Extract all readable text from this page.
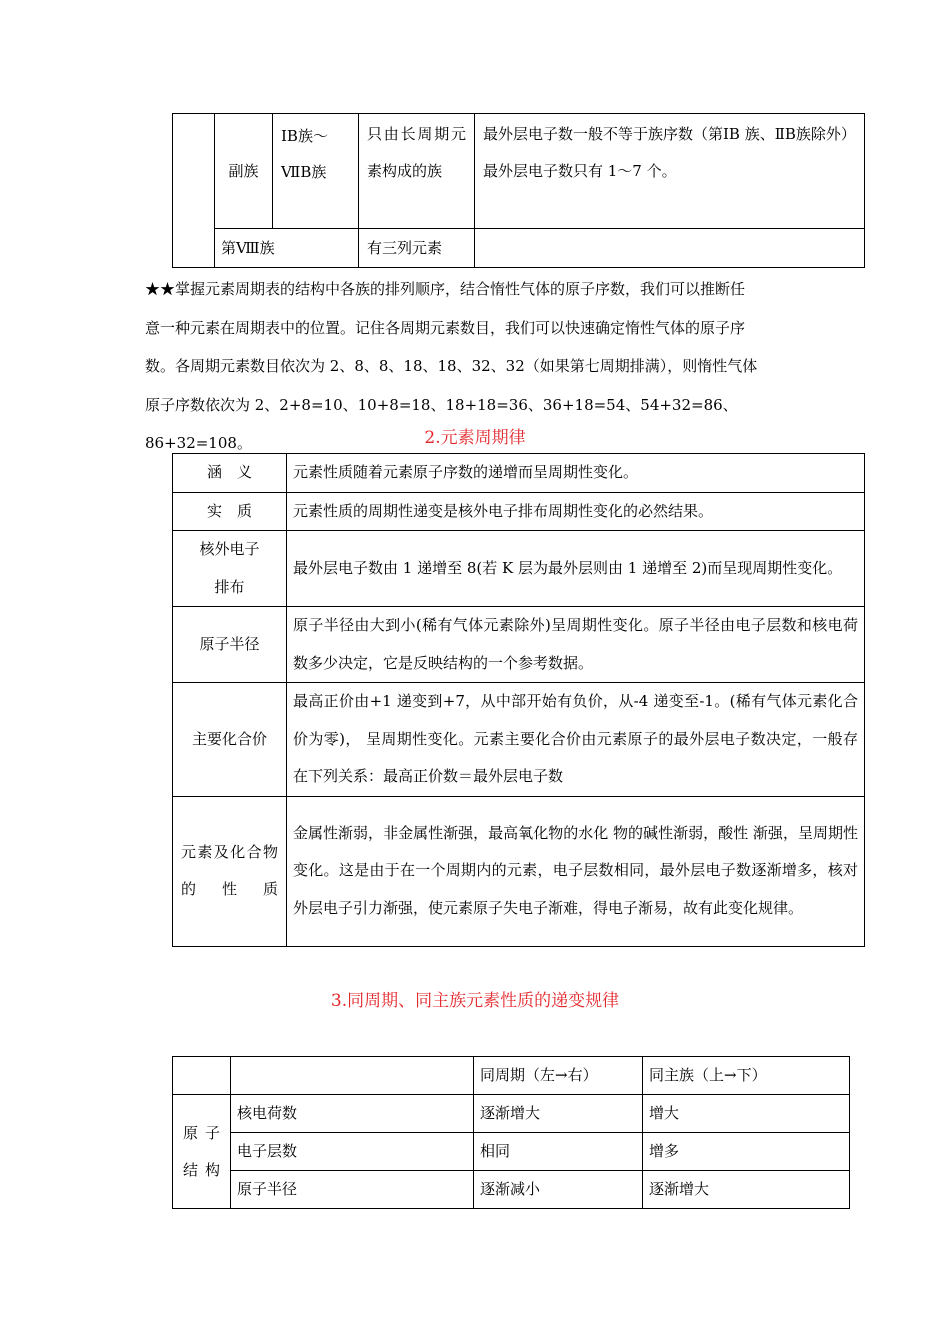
	副族	ⅠB族～ⅦB族	只由长周期元素构成的族	最外层电子数一般不等于族序数（第ⅠB 族、ⅡB族除外）
最外层电子数只有 1～7 个。

	第Ⅷ族		有三列元素	
★★掌握元素周期表的结构中各族的排列顺序，结合惰性气体的原子序数，我们可以推断任
意一种元素在周期表中的位置。记住各周期元素数目，我们可以快速确定惰性气体的原子序
数。各周期元素数目依次为 2、8、8、18、18、32、32（如果第七周期排满），则惰性气体
原子序数依次为 2、2+8=10、10+8=18、18+18=36、36+18=54、54+32=86、86+32=108。	2.元素周期律
涵　义	元素性质随着元素原子序数的递增而呈周期性变化。
实　质	元素性质的周期性递变是核外电子排布周期性变化的必然结果。
核外电子排布	最外层电子数由 1 递增至 8(若 K 层为最外层则由 1 递增至 2)而呈现周期性变化。
原子半径	原子半径由大到小(稀有气体元素除外)呈周期性变化。原子半径由电子层数和核电荷数多少决定，它是反映结构的一个参考数据。
主要化合价	最高正价由+1 递变到+7，从中部开始有负价，从-4 递变至-1。(稀有气体元素化合价为零)， 呈周期性变化。元素主要化合价由元素原子的最外层电子数决定，一般存在下列关系：最高正价数＝最外层电子数
元素及化合物的性质	金属性渐弱，非金属性渐强，最高氧化物的水化 物的碱性渐弱，酸性 渐强，呈周期性变化。这是由于在一个周期内的元素，电子层数相同，最外层电子数逐渐增多，核对外层电子引力渐强，使元素原子失电子渐难，得电子渐易，故有此变化规律。
3.同周期、同主族元素性质的递变规律
		同周期（左→右）	同主族（上→下）
原子结构	核电荷数	逐渐增大	增大
	电子层数	相同	增多
	原子半径	逐渐减小	逐渐增大
